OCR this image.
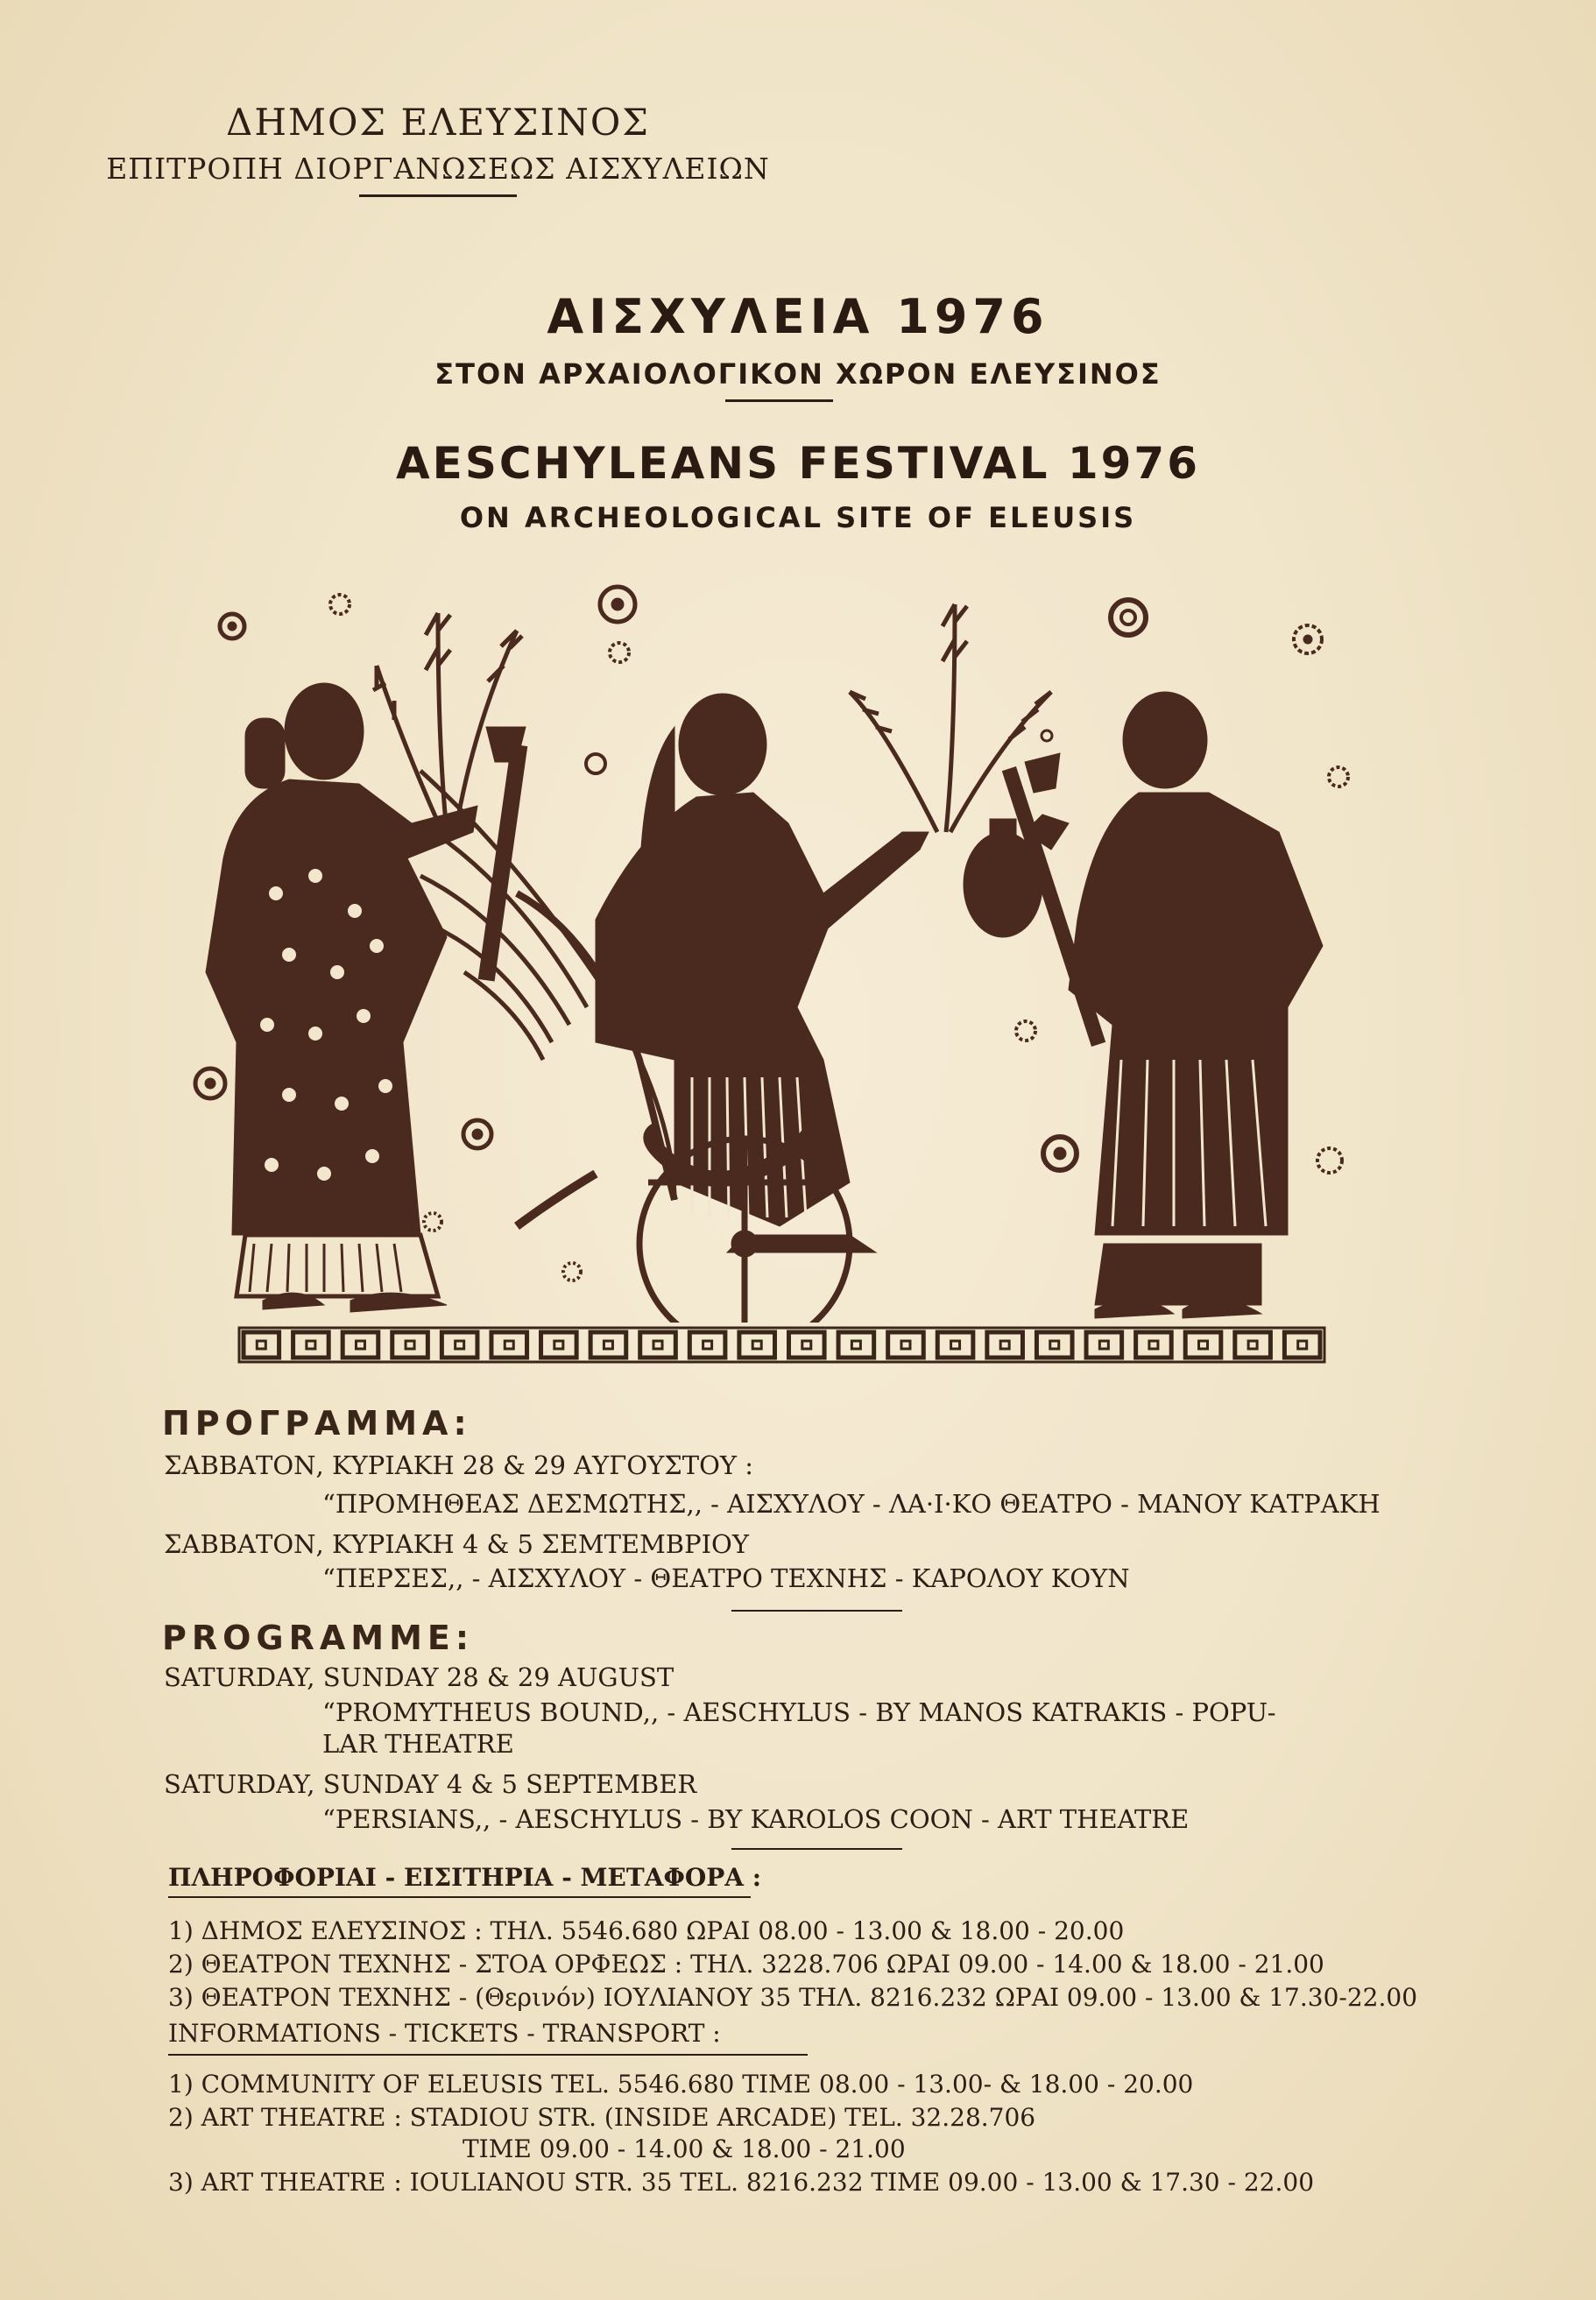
ΔΗΜΟΣ ΕΛΕΥΣΙΝΟΣ
ΕΠΙΤΡΟΠΗ ΔΙΟΡΓΑΝΩΣΕΩΣ ΑΙΣΧΥΛΕΙΩΝ
ΑΙΣΧΥΛΕΙΑ 1976
ΣΤΟΝ ΑΡΧΑΙΟΛΟΓΙΚΟΝ ΧΩΡΟΝ ΕΛΕΥΣΙΝΟΣ
AESCHYLEANS FESTIVAL 1976
ON ARCHEOLOGICAL SITE OF ELEUSIS
ΠΡΟΓΡΑΜΜΑ:
ΣΑΒΒΑΤΟΝ, ΚΥΡΙΑΚΗ 28 & 29 ΑΥΓΟΥΣΤΟΥ :
“ΠΡΟΜΗΘΕΑΣ ΔΕΣΜΩΤΗΣ,, - ΑΙΣΧΥΛΟΥ - ΛΑ·Ι·ΚΟ ΘΕΑΤΡΟ - ΜΑΝΟΥ ΚΑΤΡΑΚΗ
ΣΑΒΒΑΤΟΝ, ΚΥΡΙΑΚΗ 4 & 5 ΣΕΜΤΕΜΒΡΙΟΥ
“ΠΕΡΣΕΣ,, - ΑΙΣΧΥΛΟΥ - ΘΕΑΤΡΟ ΤΕΧΝΗΣ - ΚΑΡΟΛΟΥ ΚΟΥΝ
PROGRAMME:
SATURDAY, SUNDAY 28 & 29 AUGUST
“PROMYTHEUS BOUND,, - AESCHYLUS - BY MANOS KATRAKIS - POPU-
LAR THEATRE
SATURDAY, SUNDAY 4 & 5 SEPTEMBER
“PERSIANS,, - AESCHYLUS - BY KAROLOS COON - ART THEATRE
ΠΛΗΡΟΦΟΡΙΑΙ - ΕΙΣΙΤΗΡΙΑ - ΜΕΤΑΦΟΡΑ :
1) ΔΗΜΟΣ ΕΛΕΥΣΙΝΟΣ : ΤΗΛ. 5546.680 ΩΡΑΙ 08.00 - 13.00 & 18.00 - 20.00
2) ΘΕΑΤΡΟΝ ΤΕΧΝΗΣ - ΣΤΟΑ ΟΡΦΕΩΣ : ΤΗΛ. 3228.706 ΩΡΑΙ 09.00 - 14.00 & 18.00 - 21.00
3) ΘΕΑΤΡΟΝ ΤΕΧΝΗΣ - (Θερινόν) ΙΟΥΛΙΑΝΟΥ 35 ΤΗΛ. 8216.232 ΩΡΑΙ 09.00 - 13.00 & 17.30-22.00
INFORMATIONS - TICKETS - TRANSPORT :
1) COMMUNITY OF ELEUSIS TEL. 5546.680 TIME 08.00 - 13.00- & 18.00 - 20.00
2) ART THEATRE : STADIOU STR. (INSIDE ARCADE) TEL. 32.28.706
TIME 09.00 - 14.00 & 18.00 - 21.00
3) ART THEATRE : IOULIANOU STR. 35 TEL. 8216.232 TIME 09.00 - 13.00 & 17.30 - 22.00
